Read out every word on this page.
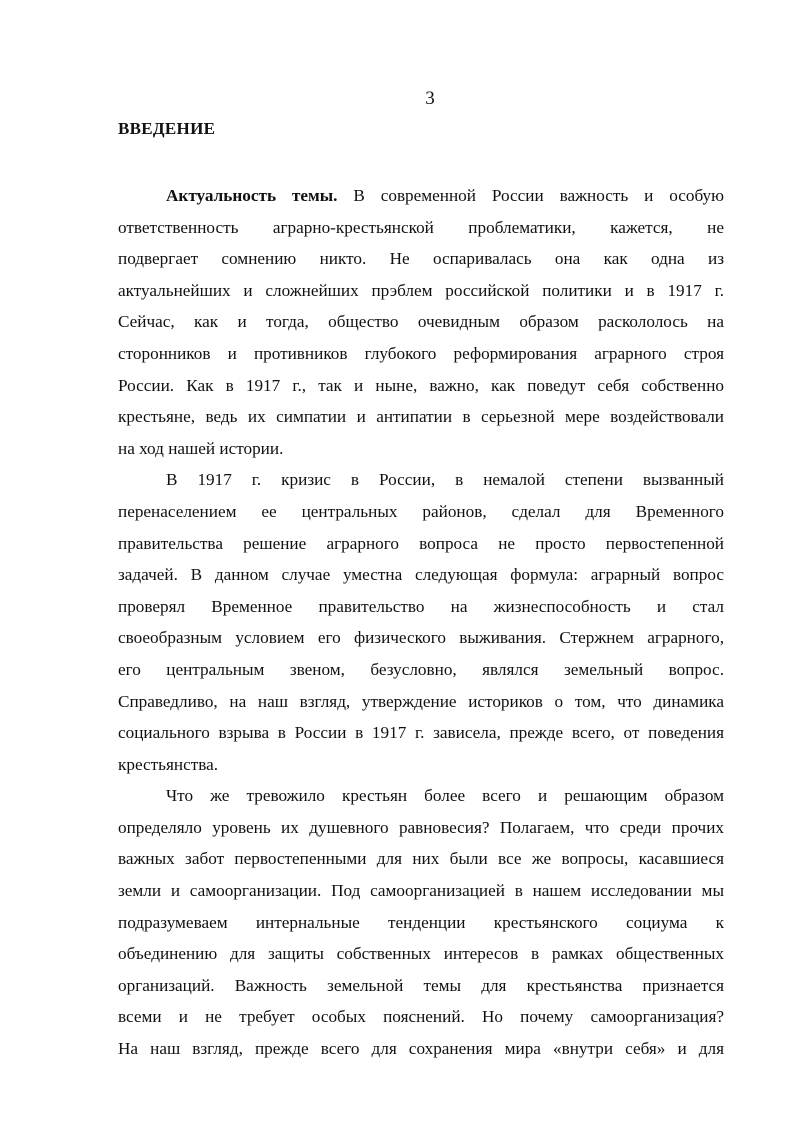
3
ВВЕДЕНИЕ
Актуальность темы. В современной России важность и особую
ответственность аграрно-крестьянской проблематики, кажется, не
подвергает сомнению никто. Не оспаривалась она как одна из
актуальнейших и сложнейших прэблем российской политики и в 1917 г.
Сейчас, как и тогда, общество очевидным образом раскололось на
сторонников и противников глубокого реформирования аграрного строя
России. Как в 1917 г., так и ныне, важно, как поведут себя собственно
крестьяне, ведь их симпатии и антипатии в серьезной мере воздействовали
на ход нашей истории.
В 1917 г. кризис в России, в немалой степени вызванный
перенаселением ее центральных районов, сделал для Временного
правительства решение аграрного вопроса не просто первостепенной
задачей. В данном случае уместна следующая формула: аграрный вопрос
проверял Временное правительство на жизнеспособность и стал
своеобразным условием его физического выживания. Стержнем аграрного,
его центральным звеном, безусловно, являлся земельный вопрос.
Справедливо, на наш взгляд, утверждение историков о том, что динамика
социального взрыва в России в 1917 г. зависела, прежде всего, от поведения
крестьянства.
Что же тревожило крестьян более всего и решающим образом
определяло уровень их душевного равновесия? Полагаем, что среди прочих
важных забот первостепенными для них были все же вопросы, касавшиеся
земли и самоорганизации. Под самоорганизацией в нашем исследовании мы
подразумеваем интернальные тенденции крестьянского социума к
объединению для защиты собственных интересов в рамках общественных
организаций. Важность земельной темы для крестьянства признается
всеми и не требует особых пояснений. Но почему самоорганизация?
На наш взгляд, прежде всего для сохранения мира «внутри себя» и для
